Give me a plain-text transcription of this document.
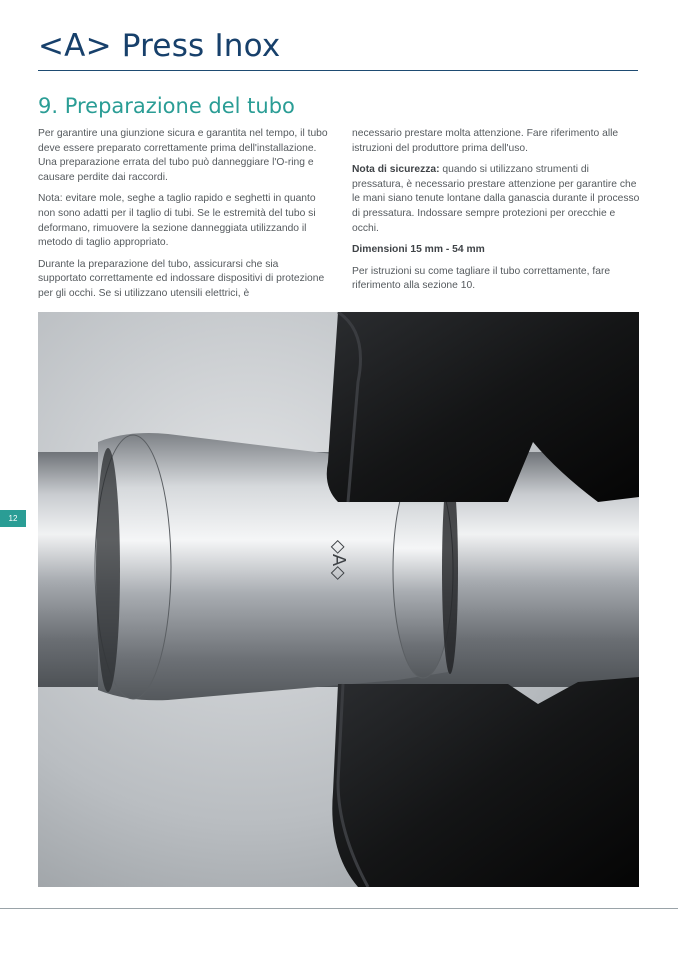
<A> Press Inox
9. Preparazione del tubo

Per garantire una giunzione sicura e garantita nel tempo, il tubo deve essere preparato correttamente prima dell'installazione. Una preparazione errata del tubo può danneggiare l'O-ring e causare perdite dai raccordi.

Nota: evitare mole, seghe a taglio rapido e seghetti in quanto non sono adatti per il taglio di tubi. Se le estremità del tubo si deformano, rimuovere la sezione danneggiata utilizzando il metodo di taglio appropriato.

Durante la preparazione del tubo, assicurarsi che sia supportato correttamente ed indossare dispositivi di protezione per gli occhi. Se si utilizzano utensili elettrici, è

necessario prestare molta attenzione. Fare riferimento alle istruzioni del produttore prima dell'uso.

Nota di sicurezza: quando si utilizzano strumenti di pressatura, è necessario prestare attenzione per garantire che le mani siano tenute lontane dalla ganascia durante il processo di pressatura. Indossare sempre protezioni per orecchie e occhi.

Dimensioni 15 mm - 54 mm

Per istruzioni su come tagliare il tubo correttamente, fare riferimento alla sezione 10.

◇A◇
12
